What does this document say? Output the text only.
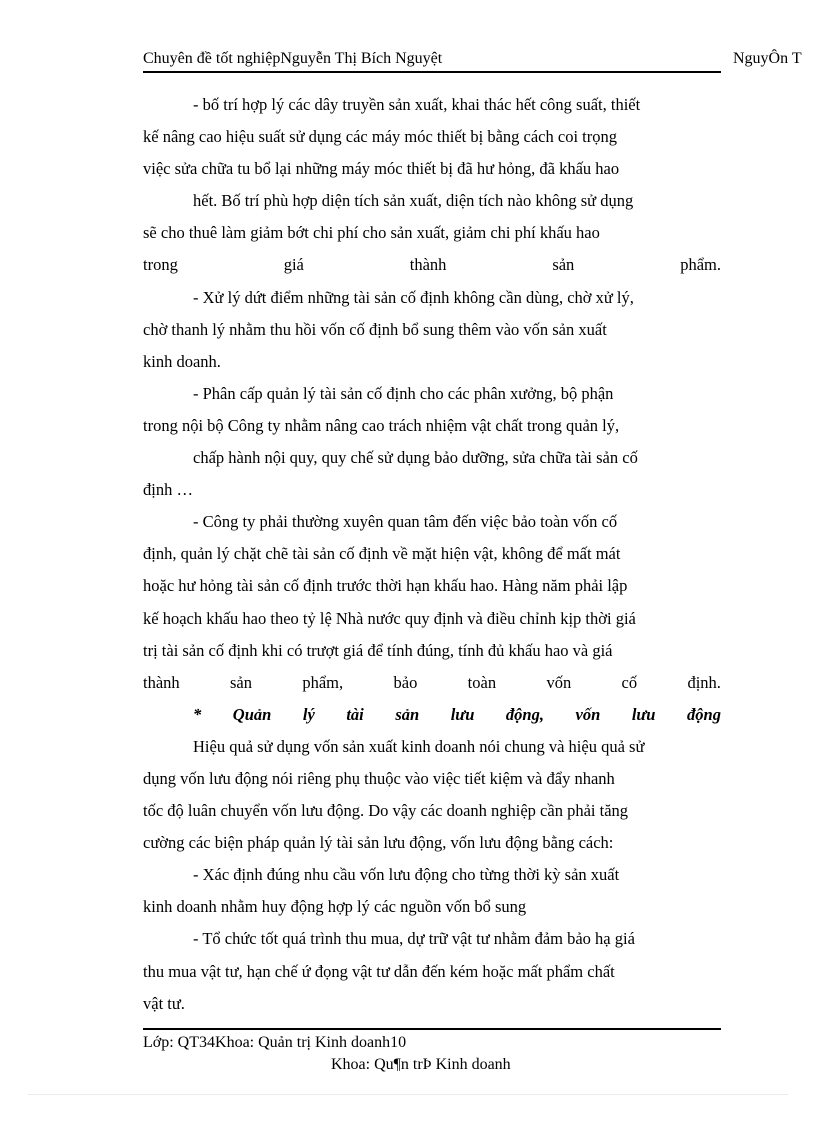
Chuyên đề tốt nghiệpNguyễn Thị Bích Nguyệt	NguyÔn T
- bố trí hợp lý các dây truyền sản xuất, khai thác hết công suất, thiết
kế nâng cao hiệu suất sử dụng các máy móc thiết bị bằng cách coi trọng
việc sửa chữa tu bổ lại những máy móc thiết bị đã hư hỏng, đã khấu hao
hết. Bố trí phù hợp diện tích sản xuất, diện tích nào không sử dụng
sẽ cho thuê làm giảm bớt chi phí cho sản xuất, giảm chi phí khấu hao
trong	giá	thành	sản	phẩm.
- Xử lý dứt điểm những tài sản cố định không cần dùng, chờ xử lý,
chờ thanh lý nhằm thu hồi vốn cố định bổ sung thêm vào vốn sản xuất
kinh doanh.
- Phân cấp quản lý tài sản cố định cho các phân xưởng, bộ phận
trong nội bộ Công ty nhằm nâng cao trách nhiệm vật chất trong quản lý,
chấp hành nội quy, quy chế sử dụng bảo dưỡng, sửa chữa tài sản cố
định …
- Công ty phải thường xuyên quan tâm đến việc bảo toàn vốn cố
định, quản lý chặt chẽ tài sản cố định về mặt hiện vật, không để mất mát
hoặc hư hỏng tài sản cố định trước thời hạn khấu hao. Hàng năm phải lập
kế hoạch khấu hao theo tỷ lệ Nhà nước quy định và điều chỉnh kịp thời giá
trị tài sản cố định khi có trượt giá để tính đúng, tính đủ khấu hao và giá
thành	sản	phẩm,	bảo	toàn	vốn	cố	định.
* Quản lý tài sản lưu động, vốn lưu động
Hiệu quả sử dụng vốn sản xuất kinh doanh nói chung và hiệu quả sử
dụng vốn lưu động nói riêng phụ thuộc vào việc tiết kiệm và đẩy nhanh
tốc độ luân chuyển vốn lưu động. Do vậy các doanh nghiệp cần phải tăng
cường các biện pháp quản lý tài sản lưu động, vốn lưu động bằng cách:
- Xác định đúng nhu cầu vốn lưu động cho từng thời kỳ sản xuất
kinh doanh nhằm huy động hợp lý các nguồn vốn bổ sung
- Tổ chức tốt quá trình thu mua, dự trữ vật tư nhằm đảm bảo hạ giá
thu mua vật tư, hạn chế ứ đọng vật tư dẫn đến kém hoặc mất phẩm chất
vật tư.
Lớp: QT34Khoa: Quản trị Kinh doanh10
Khoa: Qu¶n trÞ Kinh doanh
